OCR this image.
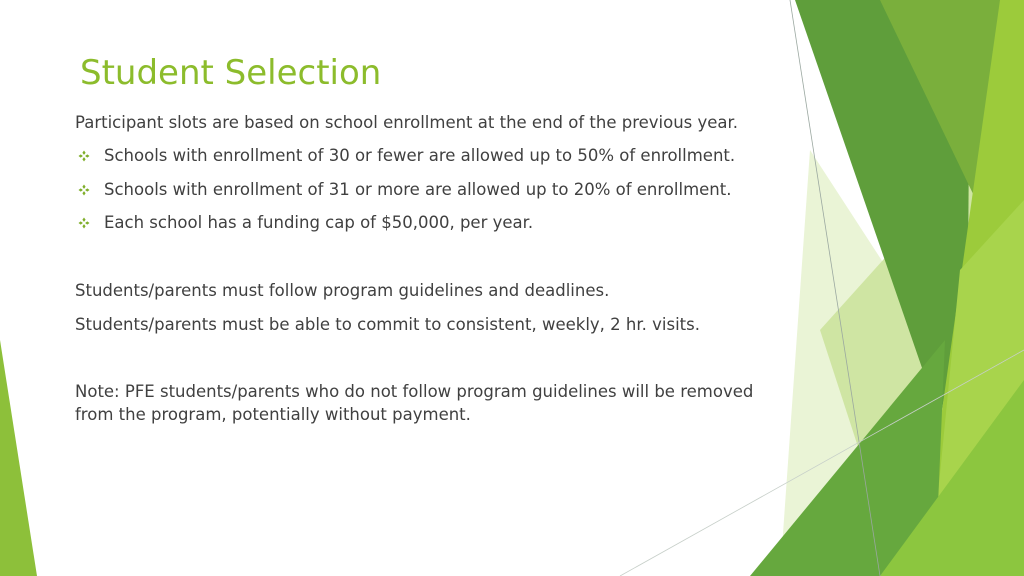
Student Selection

Participant slots are based on school enrollment at the end of the previous year.

Schools with enrollment of 30 or fewer are allowed up to 50% of enrollment.

Schools with enrollment of 31 or more are allowed up to 20% of enrollment.

Each school has a funding cap of $50,000, per year.

Students/parents must follow program guidelines and deadlines.

Students/parents must be able to commit to consistent, weekly, 2 hr. visits.

Note: PFE students/parents who do not follow program guidelines will be removed

from the program, potentially without payment.
